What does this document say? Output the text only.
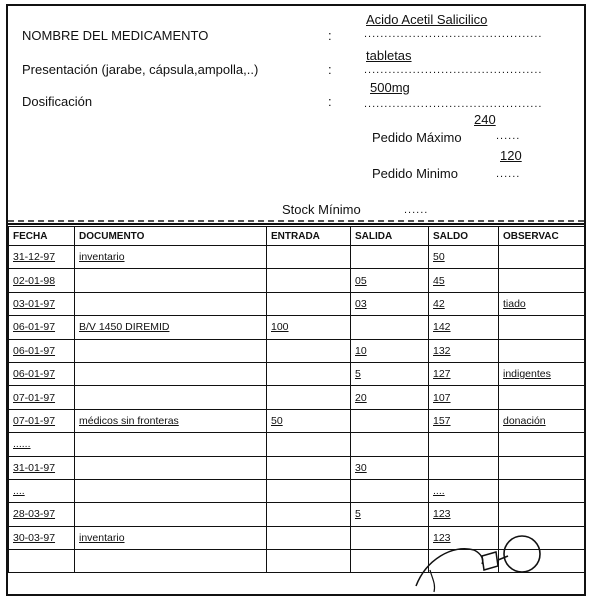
NOMBRE DEL MEDICAMENTO	:
Acido Acetil Salicilico
............................................
Presentación (jarabe, cápsula,ampolla,..)	:
tabletas
............................................
Dosificación	:
500mg
............................................
240
Pedido Máximo	......
120
Pedido Minimo	......
Stock Mínimo	......
FECHA	DOCUMENTO	ENTRADA	SALIDA	SALDO	OBSERVAC
31-12-97	inventario			50	
02-01-98			05	45	
03-01-97			03	42	tiado
06-01-97	B/V 1450 DIREMID	100		142	
06-01-97			10	132	
06-01-97			5	127	indigentes
07-01-97			20	107	
07-01-97	médicos sin fronteras	50		157	donación
......					
31-01-97			30		
....				....	
28-03-97			5	123	
30-03-97	inventario			123	
